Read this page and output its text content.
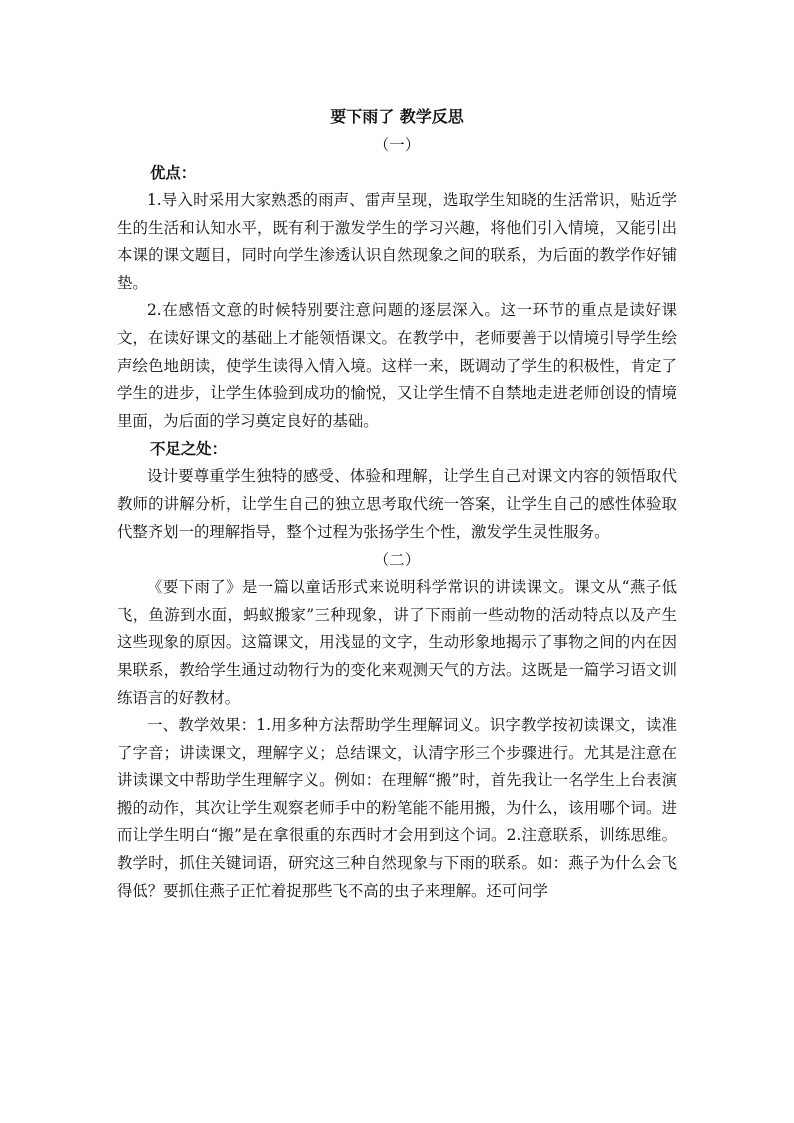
要下雨了 教学反思

（一）

优点：

1.导入时采用大家熟悉的雨声、雷声呈现，选取学生知晓的生活常识，贴近学生的生活和认知水平，既有利于激发学生的学习兴趣，将他们引入情境，又能引出本课的课文题目，同时向学生渗透认识自然现象之间的联系，为后面的教学作好铺垫。

2.在感悟文意的时候特别要注意问题的逐层深入。这一环节的重点是读好课文，在读好课文的基础上才能领悟课文。在教学中，老师要善于以情境引导学生绘声绘色地朗读，使学生读得入情入境。这样一来，既调动了学生的积极性，肯定了学生的进步，让学生体验到成功的愉悦，又让学生情不自禁地走进老师创设的情境里面，为后面的学习奠定良好的基础。

不足之处：

设计要尊重学生独特的感受、体验和理解，让学生自己对课文内容的领悟取代教师的讲解分析，让学生自己的独立思考取代统一答案，让学生自己的感性体验取代整齐划一的理解指导，整个过程为张扬学生个性，激发学生灵性服务。

（二）

《要下雨了》是一篇以童话形式来说明科学常识的讲读课文。课文从“燕子低飞，鱼游到水面，蚂蚁搬家”三种现象，讲了下雨前一些动物的活动特点以及产生这些现象的原因。这篇课文，用浅显的文字，生动形象地揭示了事物之间的内在因果联系，教给学生通过动物行为的变化来观测天气的方法。这既是一篇学习语文训练语言的好教材。

一、教学效果：1.用多种方法帮助学生理解词义。识字教学按初读课文，读准了字音；讲读课文，理解字义；总结课文，认清字形三个步骤进行。尤其是注意在讲读课文中帮助学生理解字义。例如：在理解“搬”时，首先我让一名学生上台表演搬的动作，其次让学生观察老师手中的粉笔能不能用搬，为什么，该用哪个词。进而让学生明白“搬”是在拿很重的东西时才会用到这个词。2.注意联系，训练思维。教学时，抓住关键词语，研究这三种自然现象与下雨的联系。如：燕子为什么会飞得低？要抓住燕子正忙着捉那些飞不高的虫子来理解。还可问学
